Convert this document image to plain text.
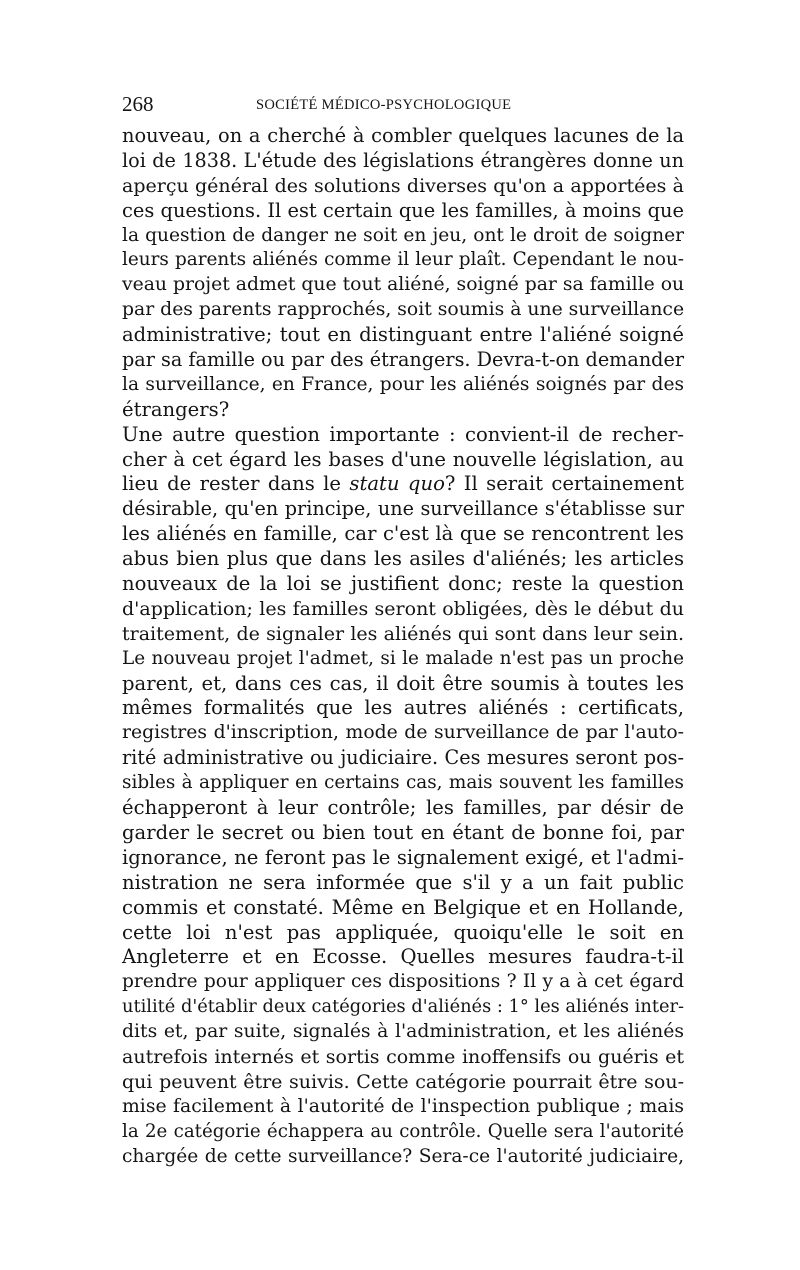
268	SOCIÉTÉ MÉDICO-PSYCHOLOGIQUE
nouveau, on a cherché à combler quelques lacunes de la
loi de 1838. L'étude des législations étrangères donne un
aperçu général des solutions diverses qu'on a apportées à
ces questions. Il est certain que les familles, à moins que
la question de danger ne soit en jeu, ont le droit de soigner
leurs parents aliénés comme il leur plaît. Cependant le nou-
veau projet admet que tout aliéné, soigné par sa famille ou
par des parents rapprochés, soit soumis à une surveillance
administrative; tout en distinguant entre l'aliéné soigné
par sa famille ou par des étrangers. Devra-t-on demander
la surveillance, en France, pour les aliénés soignés par des
étrangers?
Une autre question importante : convient-il de recher-
cher à cet égard les bases d'une nouvelle législation, au
lieu de rester dans le statu quo? Il serait certainement
désirable, qu'en principe, une surveillance s'établisse sur
les aliénés en famille, car c'est là que se rencontrent les
abus bien plus que dans les asiles d'aliénés; les articles
nouveaux de la loi se justifient donc; reste la question
d'application; les familles seront obligées, dès le début du
traitement, de signaler les aliénés qui sont dans leur sein.
Le nouveau projet l'admet, si le malade n'est pas un proche
parent, et, dans ces cas, il doit être soumis à toutes les
mêmes formalités que les autres aliénés : certificats,
registres d'inscription, mode de surveillance de par l'auto-
rité administrative ou judiciaire. Ces mesures seront pos-
sibles à appliquer en certains cas, mais souvent les familles
échapperont à leur contrôle; les familles, par désir de
garder le secret ou bien tout en étant de bonne foi, par
ignorance, ne feront pas le signalement exigé, et l'admi-
nistration ne sera informée que s'il y a un fait public
commis et constaté. Même en Belgique et en Hollande,
cette loi n'est pas appliquée, quoiqu'elle le soit en
Angleterre et en Ecosse. Quelles mesures faudra-t-il
prendre pour appliquer ces dispositions ? Il y a à cet égard
utilité d'établir deux catégories d'aliénés : 1° les aliénés inter-
dits et, par suite, signalés à l'administration, et les aliénés
autrefois internés et sortis comme inoffensifs ou guéris et
qui peuvent être suivis. Cette catégorie pourrait être sou-
mise facilement à l'autorité de l'inspection publique ; mais
la 2e catégorie échappera au contrôle. Quelle sera l'autorité
chargée de cette surveillance? Sera-ce l'autorité judiciaire,
